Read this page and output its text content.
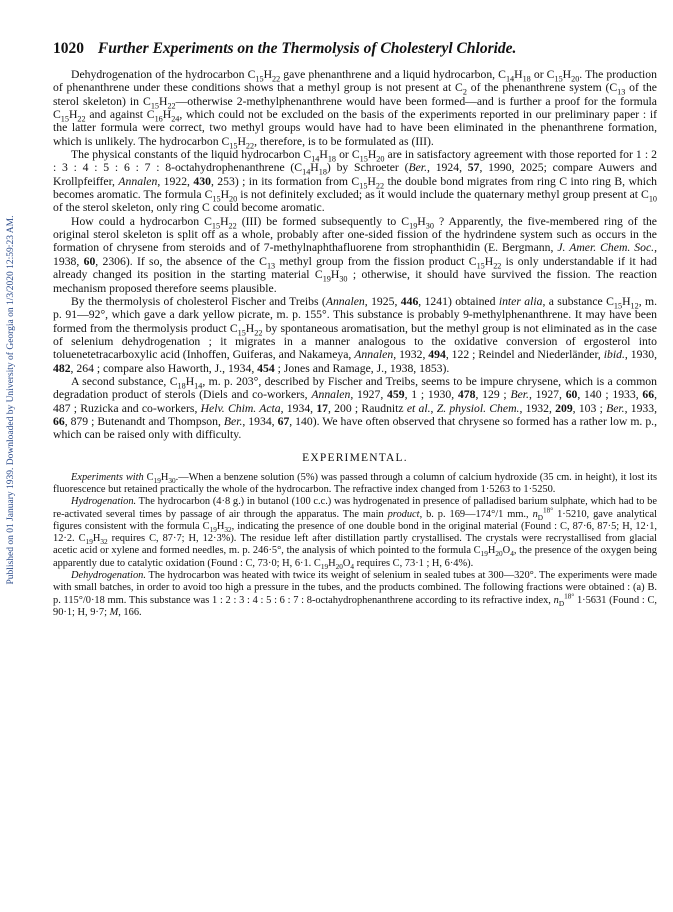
Published on 01 January 1939. Downloaded by University of Georgia on 1/3/2020 12:59:23 AM.
1020 Further Experiments on the Thermolysis of Cholesteryl Chloride.

Dehydrogenation of the hydrocarbon $C_{15}H_{22}$ gave phenanthrene and a liquid hydrocarbon, $C_{14}H_{18}$ or $C_{15}H_{20}$. The production of phenanthrene under these conditions shows that a methyl group is not present at $C_2$ of the phenanthrene system ($C_{13}$ of the sterol skeleton) in $C_{15}H_{22}—otherwise$ 2-methylphenanthrene would have been formed—and is further a proof for the formula $C_{15}H_{22}$ and against $C_{16}H_{24}$, which could not be excluded on the basis of the experiments reported in our preliminary paper : if the latter formula were correct, two methyl groups would have had to have been eliminated in the phenanthrene formation, which is unlikely. The hydrocarbon $C_{15}H_{22}$, therefore, is to be formulated as (III).

The physical constants of the liquid hydrocarbon $C_{14}H_{18}$ or $C_{15}H_{20}$ are in satisfactory agreement with those reported for 1 : 2 : 3 : 4 : 5 : 6 : 7 : 8-octahydrophenanthrene $(C_{14}H_{18})$ by Schroeter (Ber., 1924, 57, 1990, 2025; compare Auwers and Krollpfeiffer, Annalen, 1922, 430, 253) ; in its formation from $C_{15}H_{22}$ the double bond migrates from ring C into ring B, which becomes aromatic. The formula $C_{15}H_{20}$ is not definitely excluded; as it would include the quaternary methyl group present at $C_{10}$ of the sterol skeleton, only ring C could become aromatic.

How could a hydrocarbon $C_{15}H_{22}$ (III) be formed subsequently to $C_{19}H_{30}$ ? Apparently, the five-membered ring of the original sterol skeleton is split off as a whole, probably after one-sided fission of the hydrindene system such as occurs in the formation of chrysene from steroids and of 7-methylnaphthafluorene from strophanthidin (E. Bergmann, J. Amer. Chem. Soc., 1938, 60, 2306). If so, the absence of the $C_{13}$ methyl group from the fission product $C_{15}H_{22}$ is only understandable if it had already changed its position in the starting material $C_{19}H_{30}$ ; otherwise, it should have survived the fission. The reaction mechanism proposed therefore seems plausible.

By the thermolysis of cholesterol Fischer and Treibs (Annalen, 1925, 446, 1241) obtained inter alia, a substance $C_{15}H_{12}$, m. p. 91—92°, which gave a dark yellow picrate, m. p. 155°. This substance is probably 9-methylphenanthrene. It may have been formed from the thermolysis product $C_{15}H_{22}$ by spontaneous aromatisation, but the methyl group is not eliminated as in the case of selenium dehydrogenation ; it migrates in a manner analogous to the oxidative conversion of ergosterol into toluenetetracarboxylic acid (Inhoffen, Guiferas, and Nakameya, Annalen, 1932, 494, 122 ; Reindel and Niederländer, ibid., 1930, 482, 264 ; compare also Haworth, J., 1934, 454 ; Jones and Ramage, J., 1938, 1853).

A second substance, $C_{18}H_{14}$, m. p. 203°, described by Fischer and Treibs, seems to be impure chrysene, which is a common degradation product of sterols (Diels and co-workers, Annalen, 1927, 459, 1 ; 1930, 478, 129 ; Ber., 1927, 60, 140 ; 1933, 66, 487 ; Ruzicka and co-workers, Helv. Chim. Acta, 1934, 17, 200 ; Raudnitz et al., Z. physiol. Chem., 1932, 209, 103 ; Ber., 1933, 66, 879 ; Butenandt and Thompson, Ber., 1934, 67, 140). We have often observed that chrysene so formed has a rather low m. p., which can be raised only with difficulty.

EXPERIMENTAL.

Experiments with $C_{19}H_{30}.—When$ a benzene solution (5%) was passed through a column of calcium hydroxide (35 cm. in height), it lost its fluorescence but retained practically the whole of the hydrocarbon. The refractive index changed from 1·5263 to 1·5250.

Hydrogenation. The hydrocarbon (4·8 g.) in butanol (100 c.c.) was hydrogenated in presence of palladised barium sulphate, which had to be re-activated several times by passage of air through the apparatus. The main product, b. p. 169—174°/1 mm., $n_D^{18^\circ}$ 1·5210, gave analytical figures consistent with the formula $C_{19}H_{32}$, indicating the presence of one double bond in the original material (Found : C, 87·6, 87·5; H, 12·1, 12·2. $C_{19}H_{32}$ requires C, 87·7; H, 12·3%). The residue left after distillation partly crystallised. The crystals were recrystallised from glacial acetic acid or xylene and formed needles, m. p. 246·5°, the analysis of which pointed to the formula $C_{19}H_{20}O_4$, the presence of the oxygen being apparently due to catalytic oxidation (Found : C, 73·0; H, 6·1. $C_{19}H_{20}O_4$ requires C, 73·1 ; H, 6·4%).

Dehydrogenation. The hydrocarbon was heated with twice its weight of selenium in sealed tubes at 300—320°. The experiments were made with small batches, in order to avoid too high a pressure in the tubes, and the products combined. The following fractions were obtained : (a) B. p. 115°/0·18 mm. This substance was 1 : 2 : 3 : 4 : 5 : 6 : 7 : 8-octahydrophenanthrene according to its refractive index, $n_D^{18^\circ}$ 1·5631 (Found : C, 90·1; H, 9·7; M, 166.
